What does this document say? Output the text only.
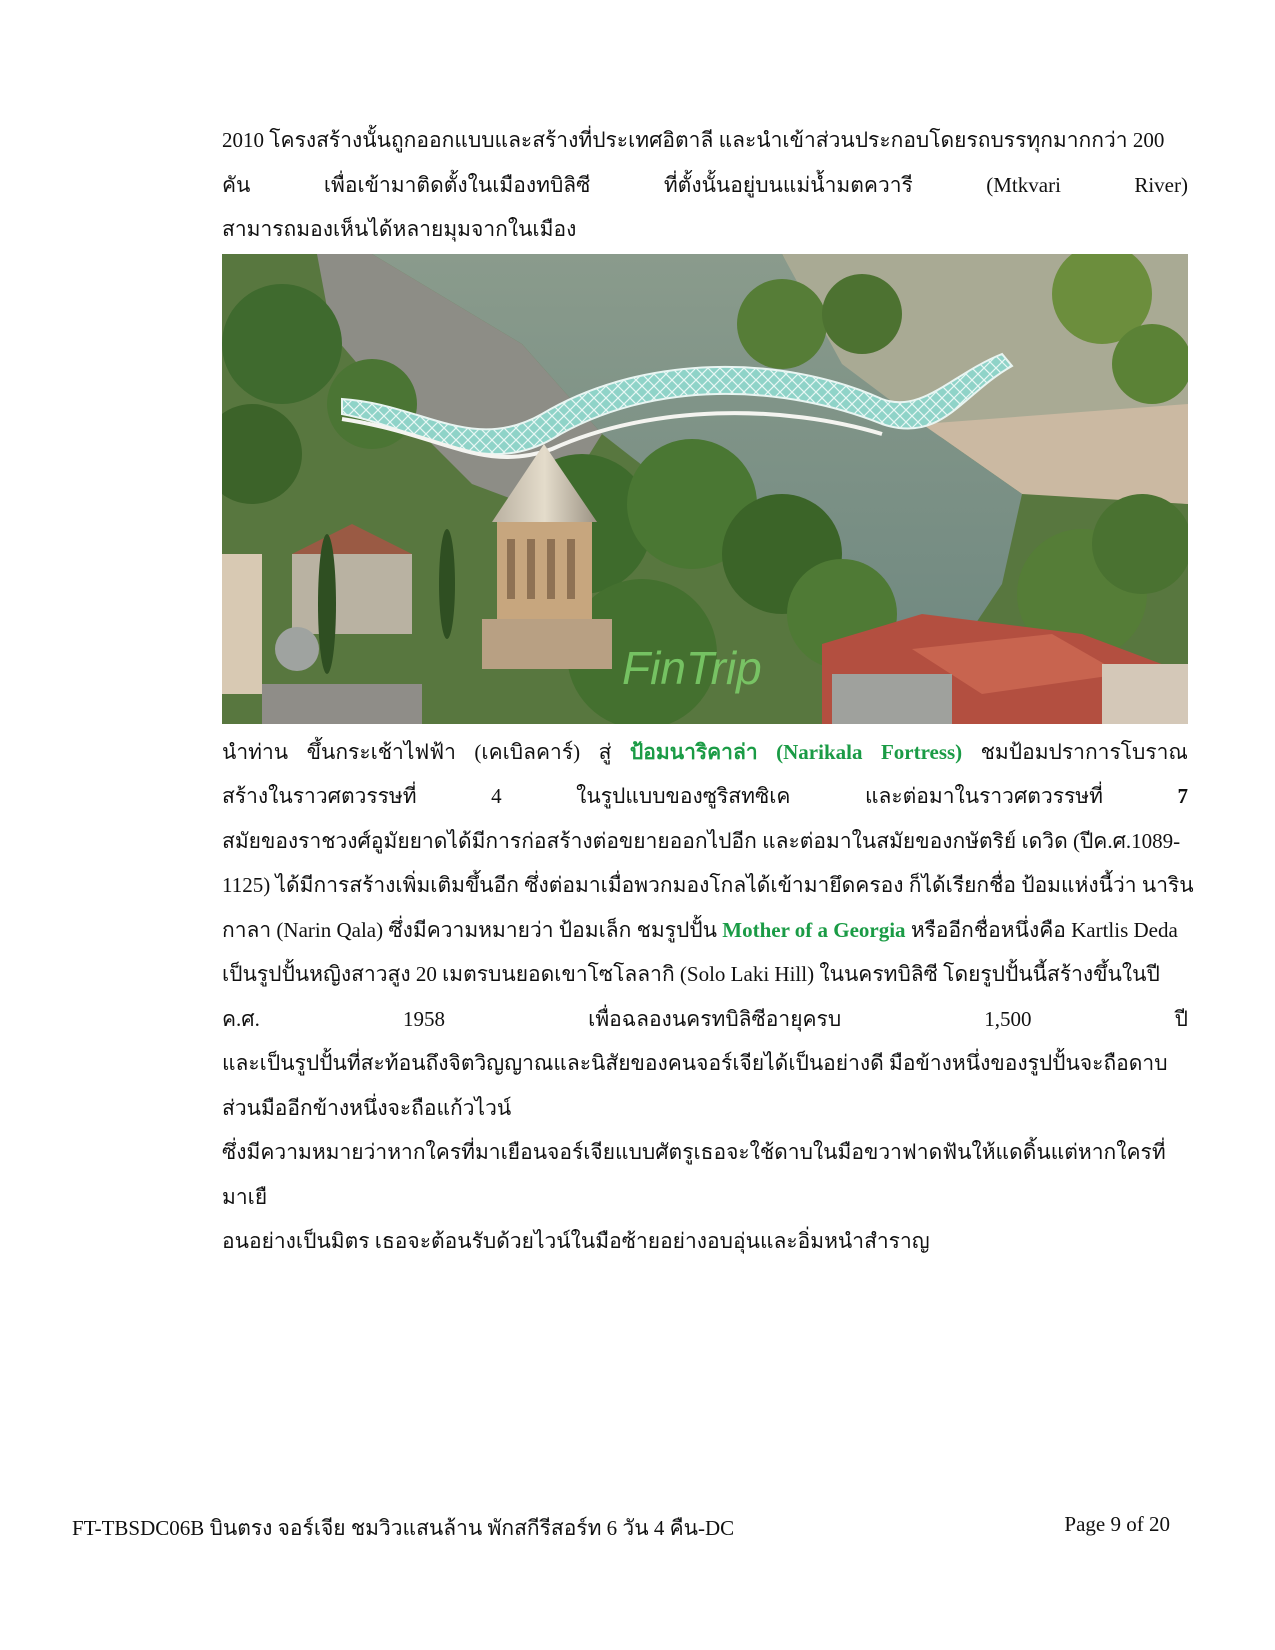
2010 โครงสร้างนั้นถูกออกแบบและสร้างที่ประเทศอิตาลี และนำเข้าส่วนประกอบโดยรถบรรทุกมากกว่า 200
คัน	เพื่อเข้ามาติดตั้งในเมืองทบิลิซี	ที่ตั้งนั้นอยู่บนแม่น้ำมตควารี	(Mtkvari	River)
สามารถมองเห็นได้หลายมุมจากในเมือง
FinTrip
นำท่าน ขึ้นกระเช้าไฟฟ้า (เคเบิลคาร์) สู่ ป้อมนาริคาล่า (Narikala Fortress) ชมป้อมปราการโบราณ
สร้างในราวศตวรรษที่	4	ในรูปแบบของซูริสทซิเค	และต่อมาในราวศตวรรษที่	7
สมัยของราชวงศ์อูมัยยาดได้มีการก่อสร้างต่อขยายออกไปอีก และต่อมาในสมัยของกษัตริย์ เดวิด (ปีค.ศ.1089-
1125) ได้มีการสร้างเพิ่มเติมขึ้นอีก ซึ่งต่อมาเมื่อพวกมองโกลได้เข้ามายึดครอง ก็ได้เรียกชื่อ ป้อมแห่งนี้ว่า นาริน
กาลา (Narin Qala) ซึ่งมีความหมายว่า ป้อมเล็ก ชมรูปปั้น Mother of a Georgia หรืออีกชื่อหนึ่งคือ Kartlis Deda
เป็นรูปปั้นหญิงสาวสูง 20 เมตรบนยอดเขาโซโลลากิ (Solo Laki Hill) ในนครทบิลิซี โดยรูปปั้นนี้สร้างขึ้นในปี
ค.ศ.	1958	เพื่อฉลองนครทบิลิซีอายุครบ	1,500	ปี
และเป็นรูปปั้นที่สะท้อนถึงจิตวิญญาณและนิสัยของคนจอร์เจียได้เป็นอย่างดี มือข้างหนึ่งของรูปปั้นจะถือดาบ
ส่วนมืออีกข้างหนึ่งจะถือแก้วไวน์
ซึ่งมีความหมายว่าหากใครที่มาเยือนจอร์เจียแบบศัตรูเธอจะใช้ดาบในมือขวาฟาดฟันให้แดดิ้นแต่หากใครที่มาเยื
อนอย่างเป็นมิตร เธอจะต้อนรับด้วยไวน์ในมือซ้ายอย่างอบอุ่นและอิ่มหนำสำราญ
FT-TBSDC06B บินตรง จอร์เจีย ชมวิวแสนล้าน พักสกีรีสอร์ท 6 วัน 4 คืน-DC	Page 9 of 20
